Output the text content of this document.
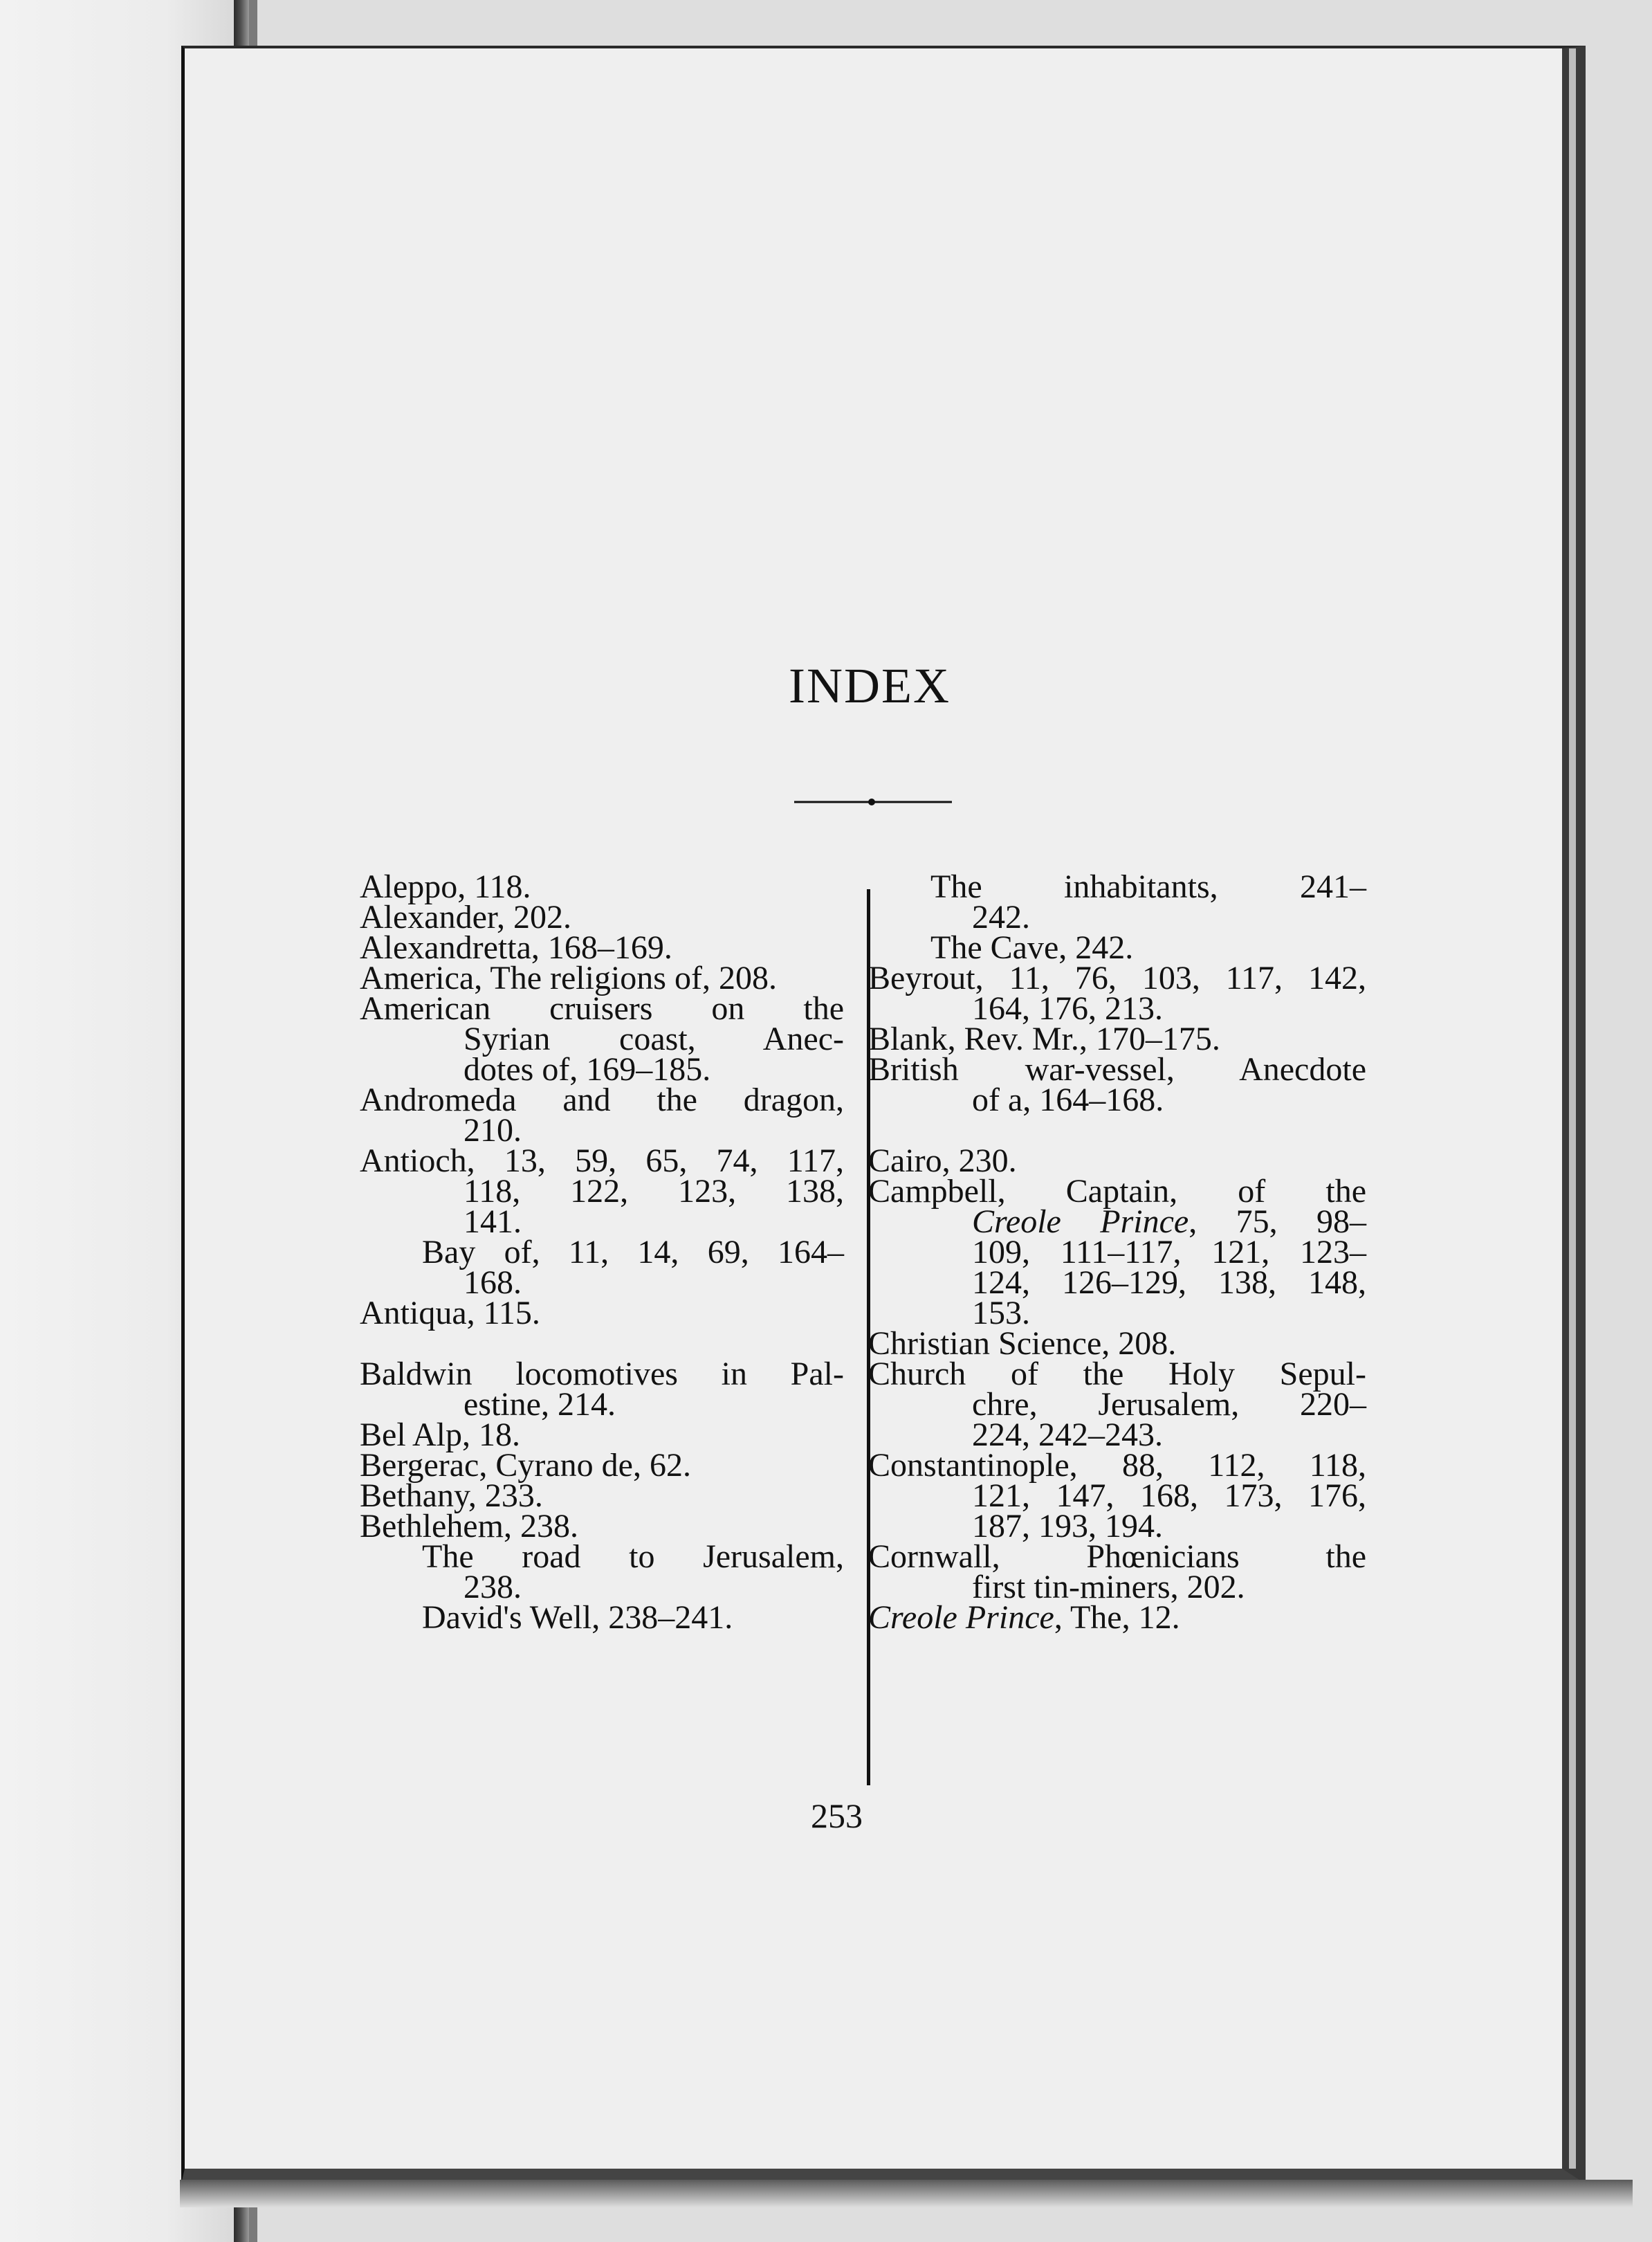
INDEX
Aleppo, 118.
Alexander, 202.
Alexandretta, 168–169.
America, The religions of, 208.
American cruisers on the
Syrian coast, Anec-
dotes of, 169–185.
Andromeda and the dragon,
210.
Antioch, 13, 59, 65, 74, 117,
118, 122, 123, 138,
141.
Bay of, 11, 14, 69, 164–
168.
Antiqua, 115.
Baldwin locomotives in Pal-
estine, 214.
Bel Alp, 18.
Bergerac, Cyrano de, 62.
Bethany, 233.
Bethlehem, 238.
The road to Jerusalem,
238.
David's Well, 238–241.
The inhabitants, 241–
242.
The Cave, 242.
Beyrout, 11, 76, 103, 117, 142,
164, 176, 213.
Blank, Rev. Mr., 170–175.
British war-vessel, Anecdote
of a, 164–168.
Cairo, 230.
Campbell, Captain, of the
Creole Prince, 75, 98–
109, 111–117, 121, 123–
124, 126–129, 138, 148,
153.
Christian Science, 208.
Church of the Holy Sepul-
chre, Jerusalem, 220–
224, 242–243.
Constantinople, 88, 112, 118,
121, 147, 168, 173, 176,
187, 193, 194.
Cornwall, Phœnicians the
first tin-miners, 202.
Creole Prince, The, 12.

253
